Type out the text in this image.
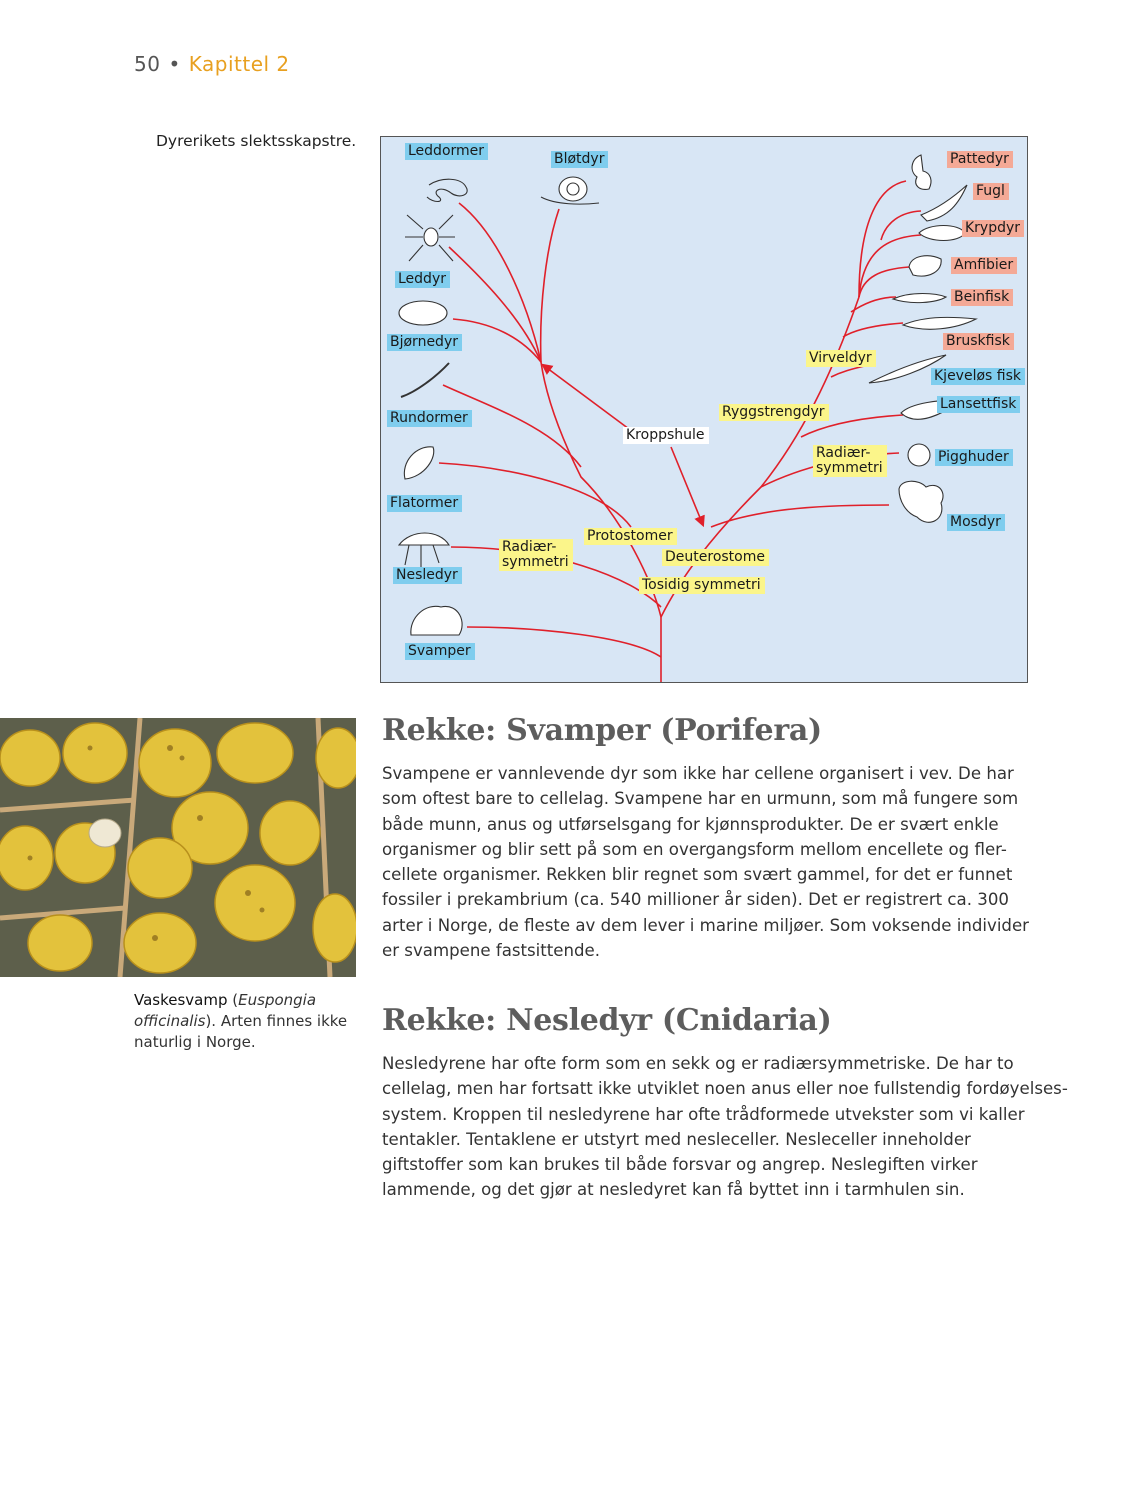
50 • Kapittel 2
Dyrerikets slektsskapstre.
Leddormer	Bløtdyr
Leddyr
Bjørnedyr
Rundormer
Flatormer
Nesledyr
Svamper
Radiær-
symmetri
Protostomer
Deuterostome
Tosidig symmetri
Kroppshule
Ryggstrengdyr
Virveldyr
Radiær-
symmetri
Pattedyr
Fugl
Krypdyr
Amfibier
Beinfisk
Bruskfisk
Kjeveløs fisk
Lansettfisk
Pigghuder
Mosdyr
Vaskesvamp (Euspongia officinalis). Arten finnes ikke naturlig i Norge.
Rekke: Svamper (Porifera)
Svampene er vannlevende dyr som ikke har cellene organisert i vev. De har
som oftest bare to cellelag. Svampene har en urmunn, som må fungere som
både munn, anus og utførselsgang for kjønnsprodukter. De er svært enkle
organismer og blir sett på som en overgangsform mellom encellete og fler-
cellete organismer. Rekken blir regnet som svært gammel, for det er funnet
fossiler i prekambrium (ca. 540 millioner år siden). Det er registrert ca. 300
arter i Norge, de fleste av dem lever i marine miljøer. Som voksende individer
er svampene fastsittende.
Rekke: Nesledyr (Cnidaria)
Nesledyrene har ofte form som en sekk og er radiærsymmetriske. De har to
cellelag, men har fortsatt ikke utviklet noen anus eller noe fullstendig fordøyelses-
system. Kroppen til nesledyrene har ofte trådformede utvekster som vi kaller
tentakler. Tentaklene er utstyrt med nesleceller. Nesleceller inneholder
giftstoffer som kan brukes til både forsvar og angrep. Neslegiften virker
lammende, og det gjør at nesledyret kan få byttet inn i tarmhulen sin.
